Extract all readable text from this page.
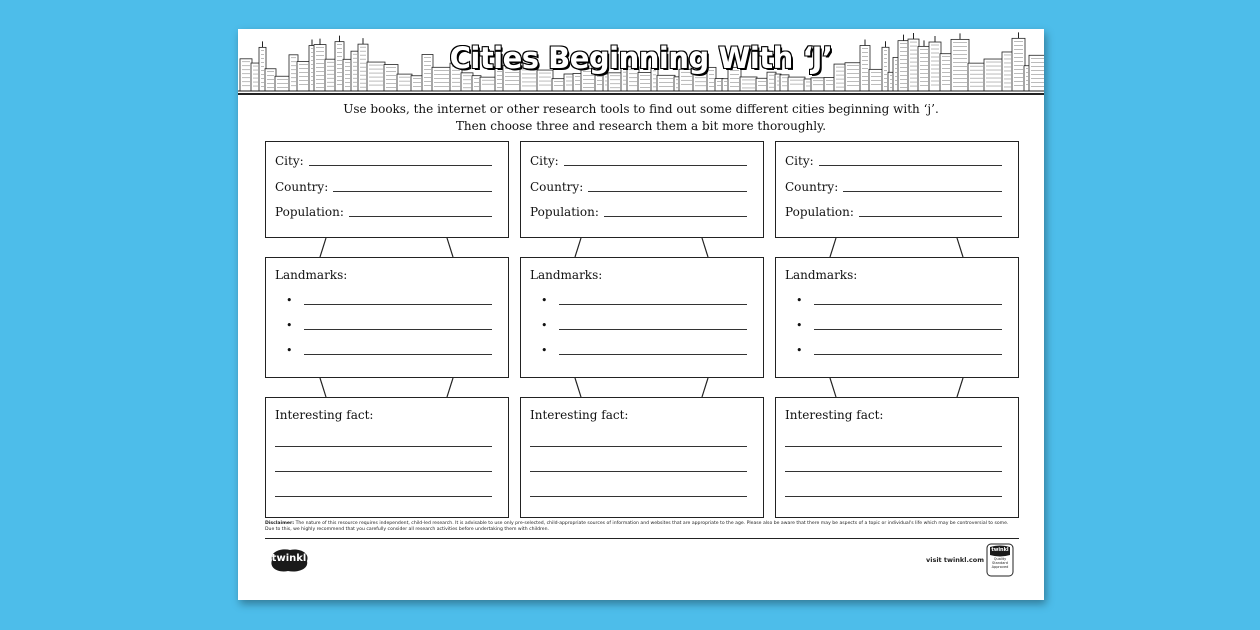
Cities Beginning With ‘J’
Use books, the internet or other research tools to find out some different cities beginning with ‘j’.
Then choose three and research them a bit more thoroughly.
City:
Country:
Population:
Landmarks:
•
•
•
Interesting fact:
City:
Country:
Population:
Landmarks:
•
•
•
Interesting fact:
City:
Country:
Population:
Landmarks:
•
•
•
Interesting fact:
Disclaimer: The nature of this resource requires independent, child-led research. It is advisable to use only pre-selected, child-appropriate sources of information and websites that are appropriate to the age. Please also be aware that there may be aspects of a topic or individual's life which may be controversial to some. Due to this, we highly recommend that you carefully consider all research activities before undertaking them with children.
twinkl	visit twinkl.com
twinkl
Quality Standard Approved
